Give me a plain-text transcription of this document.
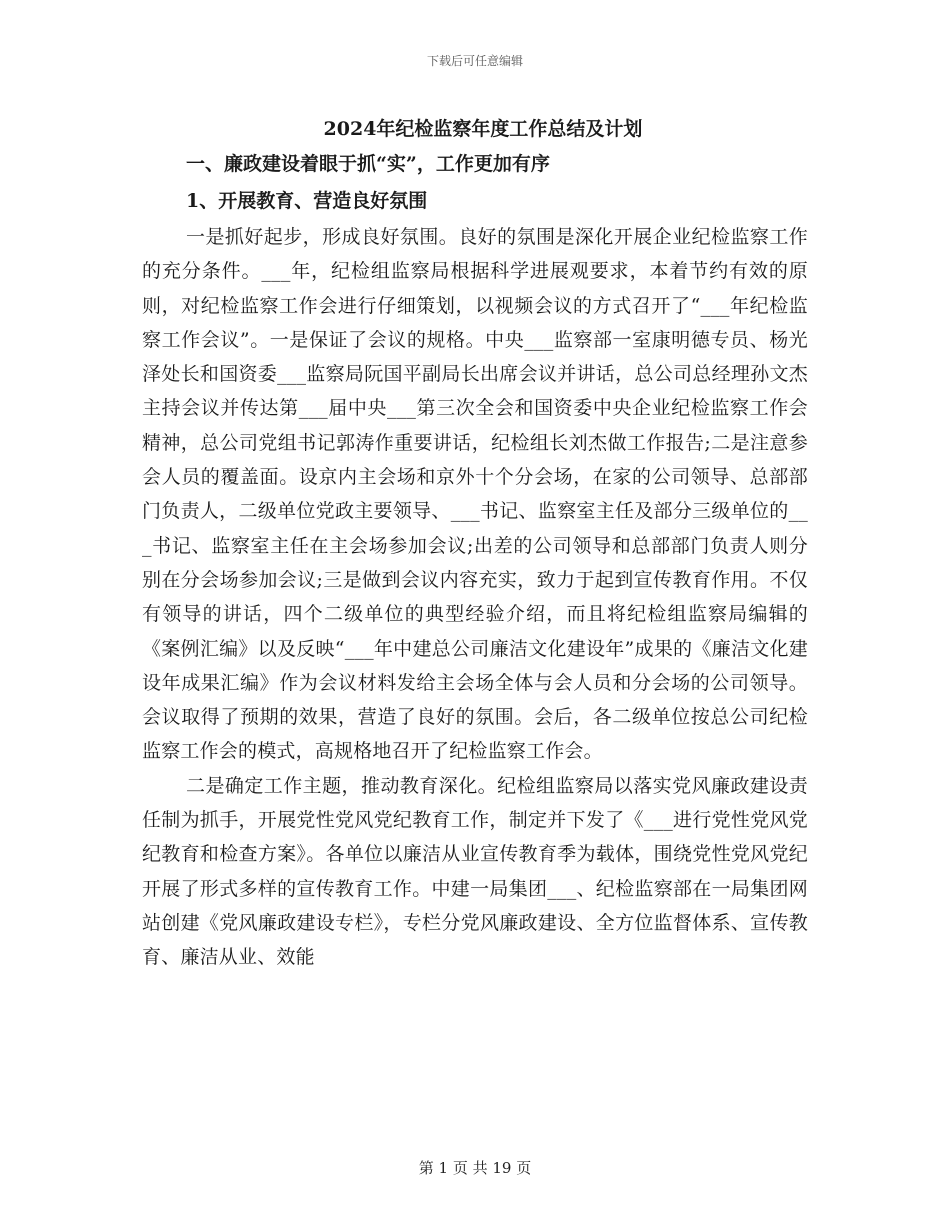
下载后可任意编辑
2024年纪检监察年度工作总结及计划
一、廉政建设着眼于抓“实”，工作更加有序
1、开展教育、营造良好氛围

一是抓好起步，形成良好氛围。良好的氛围是深化开展企业纪检监察工作的充分条件。___年，纪检组监察局根据科学进展观要求，本着节约有效的原则，对纪检监察工作会进行仔细策划，以视频会议的方式召开了“___年纪检监察工作会议”。一是保证了会议的规格。中央___监察部一室康明德专员、杨光泽处长和国资委___监察局阮国平副局长出席会议并讲话，总公司总经理孙文杰主持会议并传达第___届中央___第三次全会和国资委中央企业纪检监察工作会精神，总公司党组书记郭涛作重要讲话，纪检组长刘杰做工作报告;二是注意参会人员的覆盖面。设京内主会场和京外十个分会场，在家的公司领导、总部部门负责人，二级单位党政主要领导、___书记、监察室主任及部分三级单位的___书记、监察室主任在主会场参加会议;出差的公司领导和总部部门负责人则分别在分会场参加会议;三是做到会议内容充实，致力于起到宣传教育作用。不仅有领导的讲话，四个二级单位的典型经验介绍，而且将纪检组监察局编辑的《案例汇编》以及反映“___年中建总公司廉洁文化建设年”成果的《廉洁文化建设年成果汇编》作为会议材料发给主会场全体与会人员和分会场的公司领导。会议取得了预期的效果，营造了良好的氛围。会后，各二级单位按总公司纪检监察工作会的模式，高规格地召开了纪检监察工作会。

二是确定工作主题，推动教育深化。纪检组监察局以落实党风廉政建设责任制为抓手，开展党性党风党纪教育工作，制定并下发了《___进行党性党风党纪教育和检查方案》。各单位以廉洁从业宣传教育季为载体，围绕党性党风党纪开展了形式多样的宣传教育工作。中建一局集团___、纪检监察部在一局集团网站创建《党风廉政建设专栏》，专栏分党风廉政建设、全方位监督体系、宣传教育、廉洁从业、效能

第 1 页 共 19 页
